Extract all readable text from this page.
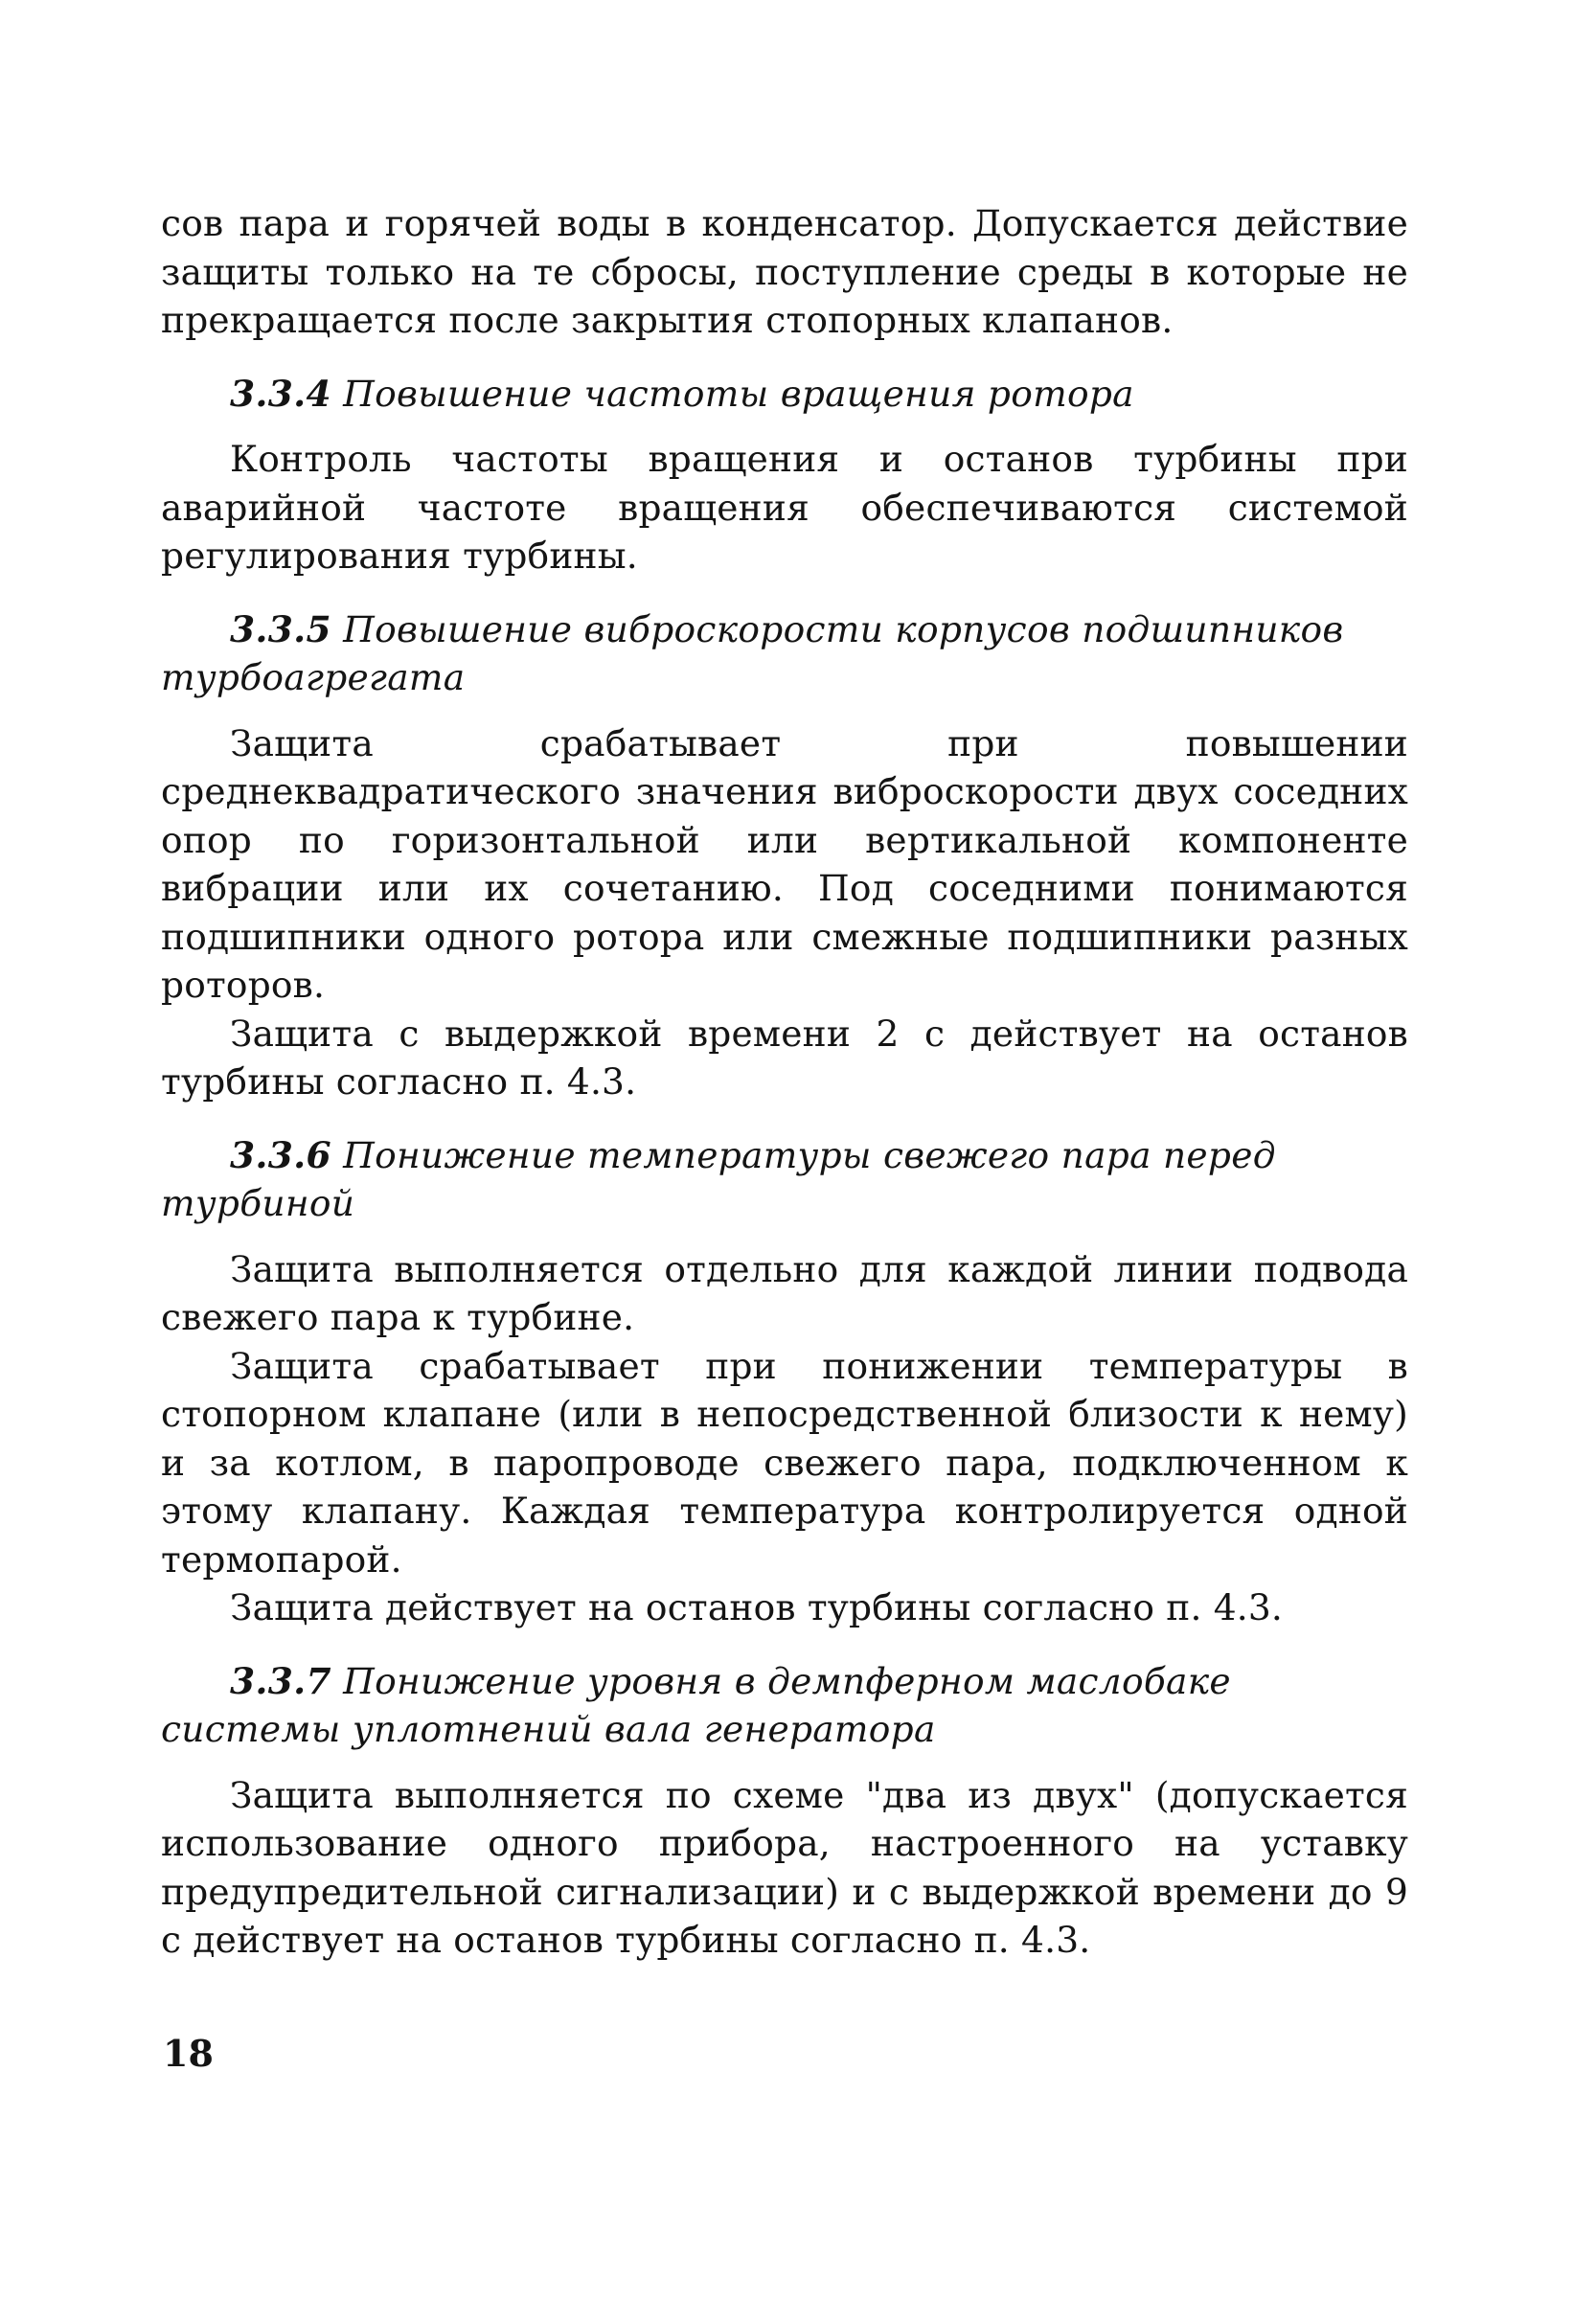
сов пара и горячей воды в конденсатор. Допускается действие защиты только на те сбросы, поступление среды в которые не прекращается после закрытия стопорных клапанов.

3.3.4 Повышение частоты вращения ротора

Контроль частоты вращения и останов турбины при аварийной частоте вращения обеспечиваются системой регулирования турбины.

3.3.5 Повышение виброскорости корпусов подшипников турбоагрегата

Защита срабатывает при повышении среднеквадратического значения виброскорости двух соседних опор по горизонтальной или вертикальной компоненте вибрации или их сочетанию. Под соседними понимаются подшипники одного ротора или смежные подшипники разных роторов.

Защита с выдержкой времени 2 с действует на останов турбины согласно п. 4.3.

3.3.6 Понижение температуры свежего пара перед турбиной

Защита выполняется отдельно для каждой линии подвода свежего пара к турбине.

Защита срабатывает при понижении температуры в стопорном клапане (или в непосредственной близости к нему) и за котлом, в паропроводе свежего пара, подключенном к этому клапану. Каждая температура контролируется одной термопарой.

Защита действует на останов турбины согласно п. 4.3.

3.3.7 Понижение уровня в демпферном маслобаке системы уплотнений вала генератора

Защита выполняется по схеме "два из двух" (допускается использование одного прибора, настроенного на уставку предупредительной сигнализации) и с выдержкой времени до 9 с действует на останов турбины согласно п. 4.3.

18
